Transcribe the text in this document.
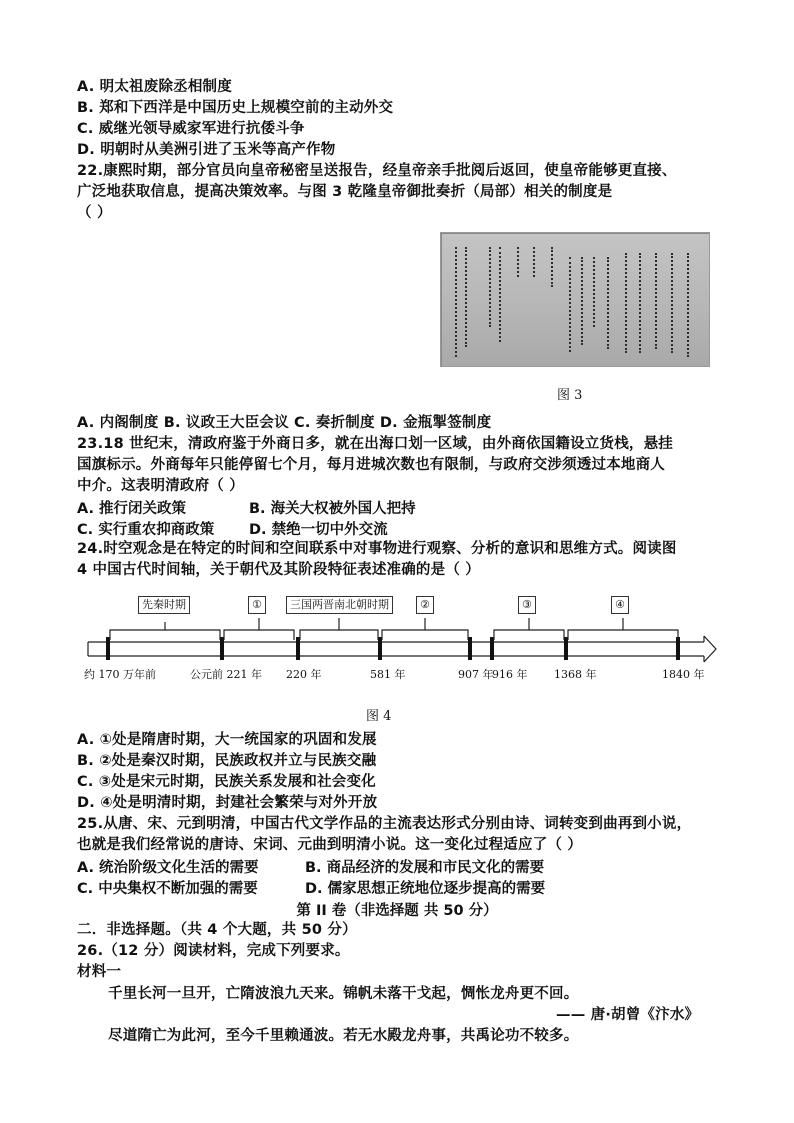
A. 明太祖废除丞相制度
B. 郑和下西洋是中国历史上规模空前的主动外交
C. 威继光领导威家军进行抗倭斗争
D. 明朝时从美洲引进了玉米等高产作物
22.康熙时期，部分官员向皇帝秘密呈送报告，经皇帝亲手批阅后返回，使皇帝能够更直接、
广泛地获取信息，提高决策效率。与图 3 乾隆皇帝御批奏折（局部）相关的制度是
（ ）
图 3
A. 内阁制度 B. 议政王大臣会议 C. 奏折制度 D. 金瓶掣签制度
23.18 世纪末，清政府鉴于外商日多，就在出海口划一区域，由外商依国籍设立货栈，悬挂
国旗标示。外商每年只能停留七个月，每月进城次数也有限制，与政府交涉须透过本地商人
中介。这表明清政府（ ）
A. 推行闭关政策	B. 海关大权被外国人把持
C. 实行重农抑商政策 D. 禁绝一切中外交流
24.时空观念是在特定的时间和空间联系中对事物进行观察、分析的意识和思维方式。阅读图
4 中国古代时间轴，关于朝代及其阶段特征表述准确的是（ ）
先秦时期	①	三国两晋南北朝时期	②	③	④
约 170 万年前	公元前 221 年 220 年	581 年	907 年
916 年 1368 年	1840 年
图 4
A. ①处是隋唐时期，大一统国家的巩固和发展
B. ②处是秦汉时期，民族政权并立与民族交融
C. ③处是宋元时期，民族关系发展和社会变化
D. ④处是明清时期，封建社会繁荣与对外开放
25.从唐、宋、元到明清，中国古代文学作品的主流表达形式分别由诗、词转变到曲再到小说，
也就是我们经常说的唐诗、宋词、元曲到明清小说。这一变化过程适应了（ ）
A. 统治阶级文化生活的需要	B. 商品经济的发展和市民文化的需要
C. 中央集权不断加强的需要	D. 儒家思想正统地位逐步提高的需要
第 II 卷（非选择题 共 50 分）
二．非选择题。（共 4 个大题，共 50 分）
26.（12 分）阅读材料，完成下列要求。
材料一
千里长河一旦开，亡隋波浪九天来。锦帆未落干戈起，惆怅龙舟更不回。
—— 唐·胡曾《汴水》
尽道隋亡为此河，至今千里赖通波。若无水殿龙舟事，共禹论功不较多。
